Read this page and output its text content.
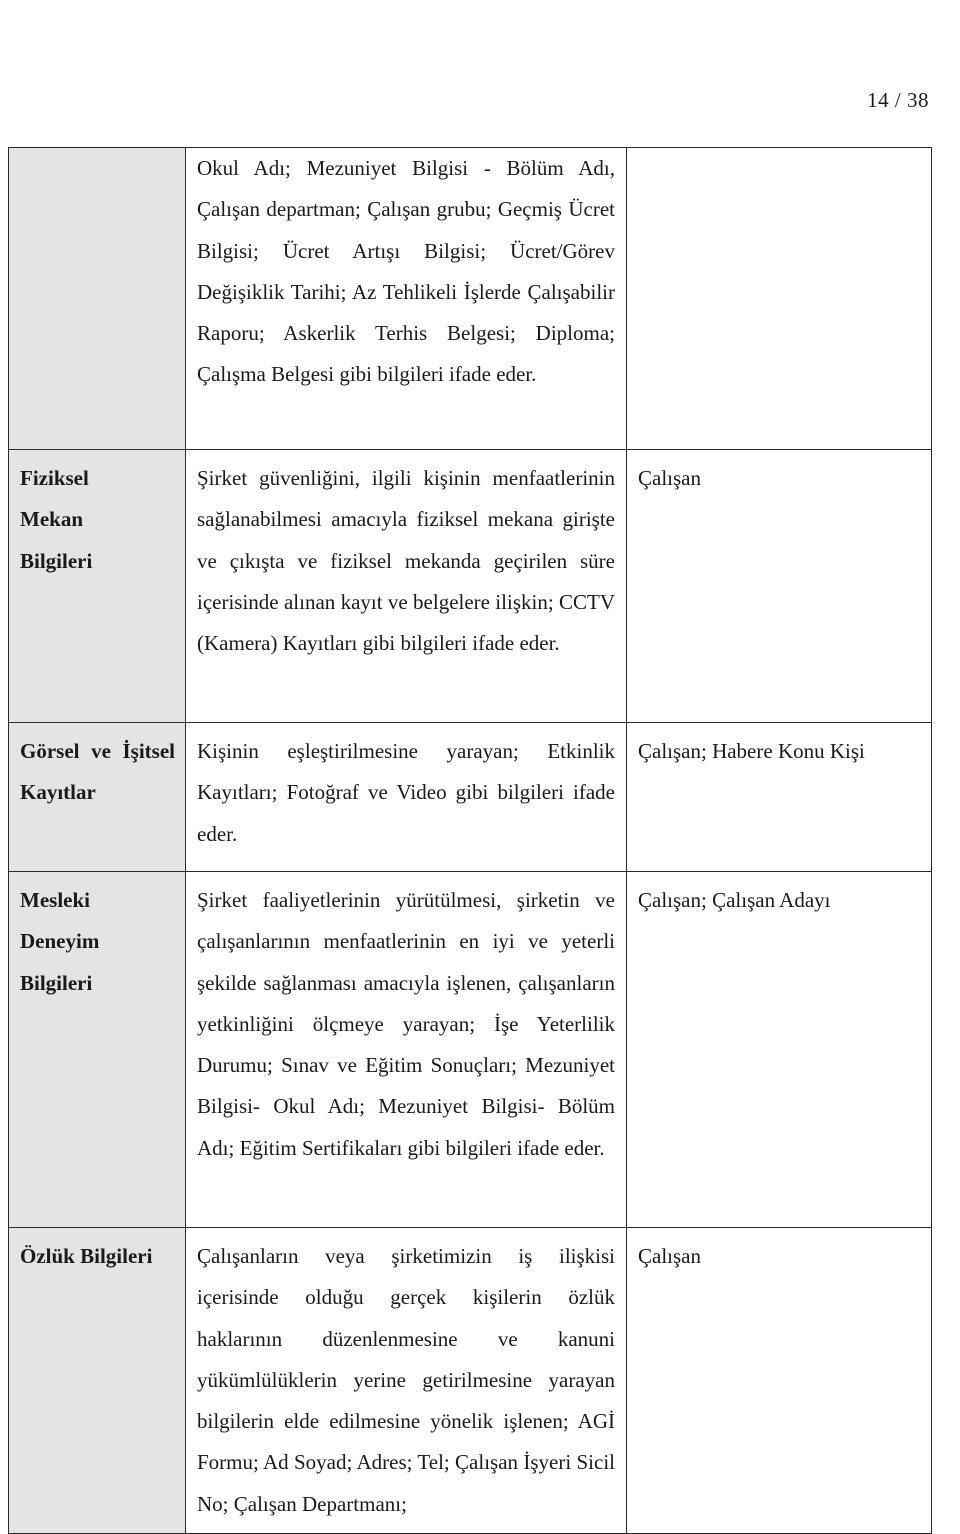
14 / 38

	Okul Adı; Mezuniyet Bilgisi - Bölüm Adı, Çalışan departman; Çalışan grubu; Geçmiş Ücret Bilgisi; Ücret Artışı Bilgisi; Ücret/Görev Değişiklik Tarihi; Az Tehlikeli İşlerde Çalışabilir Raporu; Askerlik Terhis Belgesi; Diploma; Çalışma Belgesi gibi bilgileri ifade eder.	

Fiziksel Mekan Bilgileri	Şirket güvenliğini, ilgili kişinin menfaatlerinin sağlanabilmesi amacıyla fiziksel mekana girişte ve çıkışta ve fiziksel mekanda geçirilen süre içerisinde alınan kayıt ve belgelere ilişkin; CCTV (Kamera) Kayıtları gibi bilgileri ifade eder.	Çalışan

Görsel ve İşitsel Kayıtlar	Kişinin eşleştirilmesine yarayan; Etkinlik Kayıtları; Fotoğraf ve Video gibi bilgileri ifade eder.	Çalışan; Habere Konu Kişi

Mesleki Deneyim Bilgileri	Şirket faaliyetlerinin yürütülmesi, şirketin ve çalışanlarının menfaatlerinin en iyi ve yeterli şekilde sağlanması amacıyla işlenen, çalışanların yetkinliğini ölçmeye yarayan; İşe Yeterlilik Durumu; Sınav ve Eğitim Sonuçları; Mezuniyet Bilgisi- Okul Adı; Mezuniyet Bilgisi- Bölüm Adı; Eğitim Sertifikaları gibi bilgileri ifade eder.	Çalışan; Çalışan Adayı

Özlük Bilgileri	Çalışanların veya şirketimizin iş ilişkisi içerisinde olduğu gerçek kişilerin özlük haklarının düzenlenmesine ve kanuni yükümlülüklerin yerine getirilmesine yarayan bilgilerin elde edilmesine yönelik işlenen; AGİ Formu; Ad Soyad; Adres; Tel; Çalışan İşyeri Sicil No; Çalışan Departmanı;	Çalışan
